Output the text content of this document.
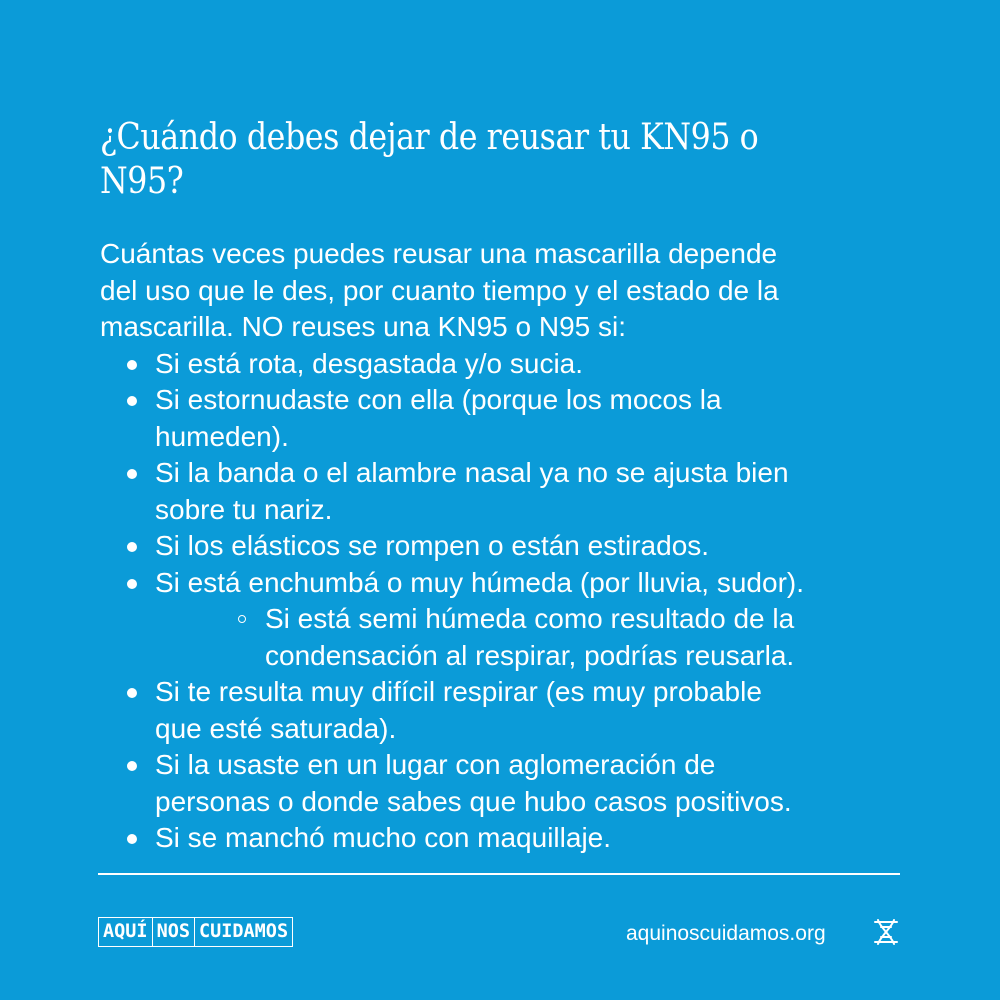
¿Cuándo debes dejar de reusar tu KN95 o
N95?

Cuántas veces puedes reusar una mascarilla depende
del uso que le des, por cuanto tiempo y el estado de la
mascarilla. NO reuses una KN95 o N95 si:

Si está rota, desgastada y/o sucia.
Si estornudaste con ella (porque los mocos la
humeden).
Si la banda o el alambre nasal ya no se ajusta bien
sobre tu nariz.
Si los elásticos se rompen o están estirados.
Si está enchumbá o muy húmeda (por lluvia, sudor).
Si está semi húmeda como resultado de la
condensación al respirar, podrías reusarla.
Si te resulta muy difícil respirar (es muy probable
que esté saturada).
Si la usaste en un lugar con aglomeración de
personas o donde sabes que hubo casos positivos.
Si se manchó mucho con maquillaje.
AQUÍ NOS CUIDAMOS	aquinoscuidamos.org
